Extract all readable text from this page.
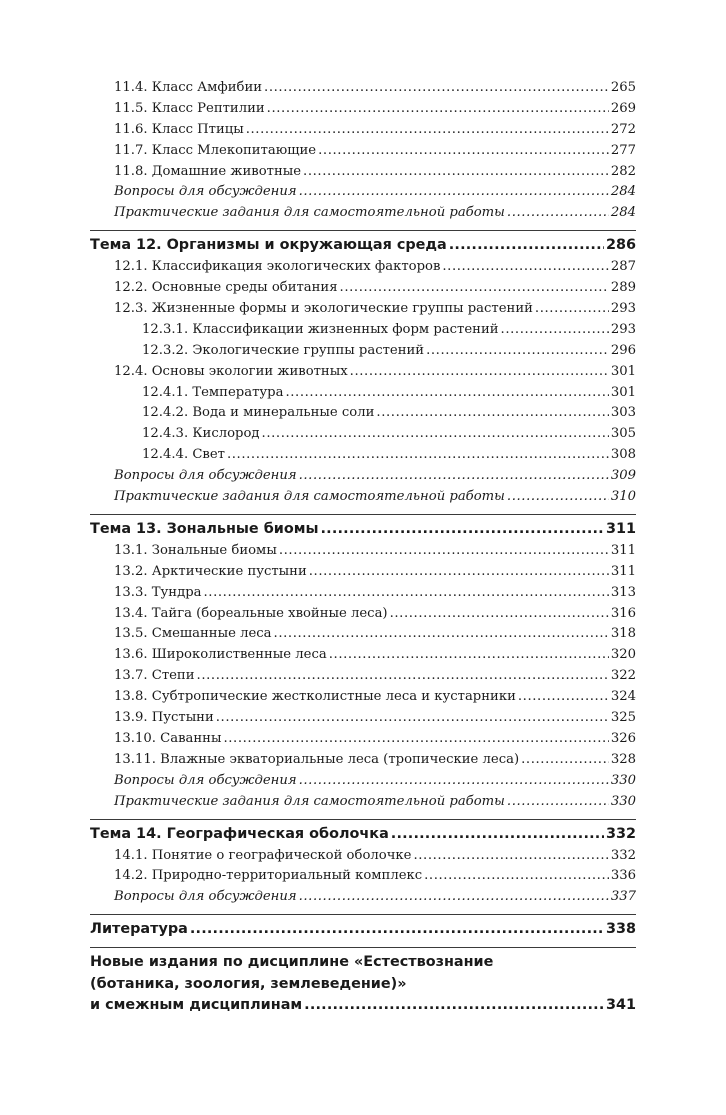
11.4. Класс Амфибии .....	265
11.5. Класс Рептилии .....	269
11.6. Класс Птицы .....	272
11.7. Класс Млекопитающие .....	277
11.8. Домашние животные .....	282
Вопросы для обсуждения .....	284
Практические задания для самостоятельной работы .....	284
Тема 12. Организмы и окружающая среда .....	286
12.1. Классификация экологических факторов .....	287
12.2. Основные среды обитания .....	289
12.3. Жизненные формы и экологические группы растений .....	293
12.3.1. Классификации жизненных форм растений .....	293
12.3.2. Экологические группы растений .....	296
12.4. Основы экологии животных .....	301
12.4.1. Температура .....	301
12.4.2. Вода и минеральные соли .....	303
12.4.3. Кислород .....	305
12.4.4. Свет .....	308
Вопросы для обсуждения .....	309
Практические задания для самостоятельной работы .....	310
Тема 13. Зональные биомы .....	311
13.1. Зональные биомы .....	311
13.2. Арктические пустыни .....	311
13.3. Тундра .....	313
13.4. Тайга (бореальные хвойные леса) .....	316
13.5. Смешанные леса .....	318
13.6. Широколиственные леса .....	320
13.7. Степи .....	322
13.8. Субтропические жестколистные леса и кустарники .....	324
13.9. Пустыни .....	325
13.10. Саванны .....	326
13.11. Влажные экваториальные леса (тропические леса) .....	328
Вопросы для обсуждения .....	330
Практические задания для самостоятельной работы .....	330
Тема 14. Географическая оболочка .....	332
14.1. Понятие о географической оболочке .....	332
14.2. Природно-территориальный комплекс .....	336
Вопросы для обсуждения .....	337
Литература .....	338
Новые издания по дисциплине «Естествознание
(ботаника, зоология, землеведение)»
и смежным дисциплинам .....	341
